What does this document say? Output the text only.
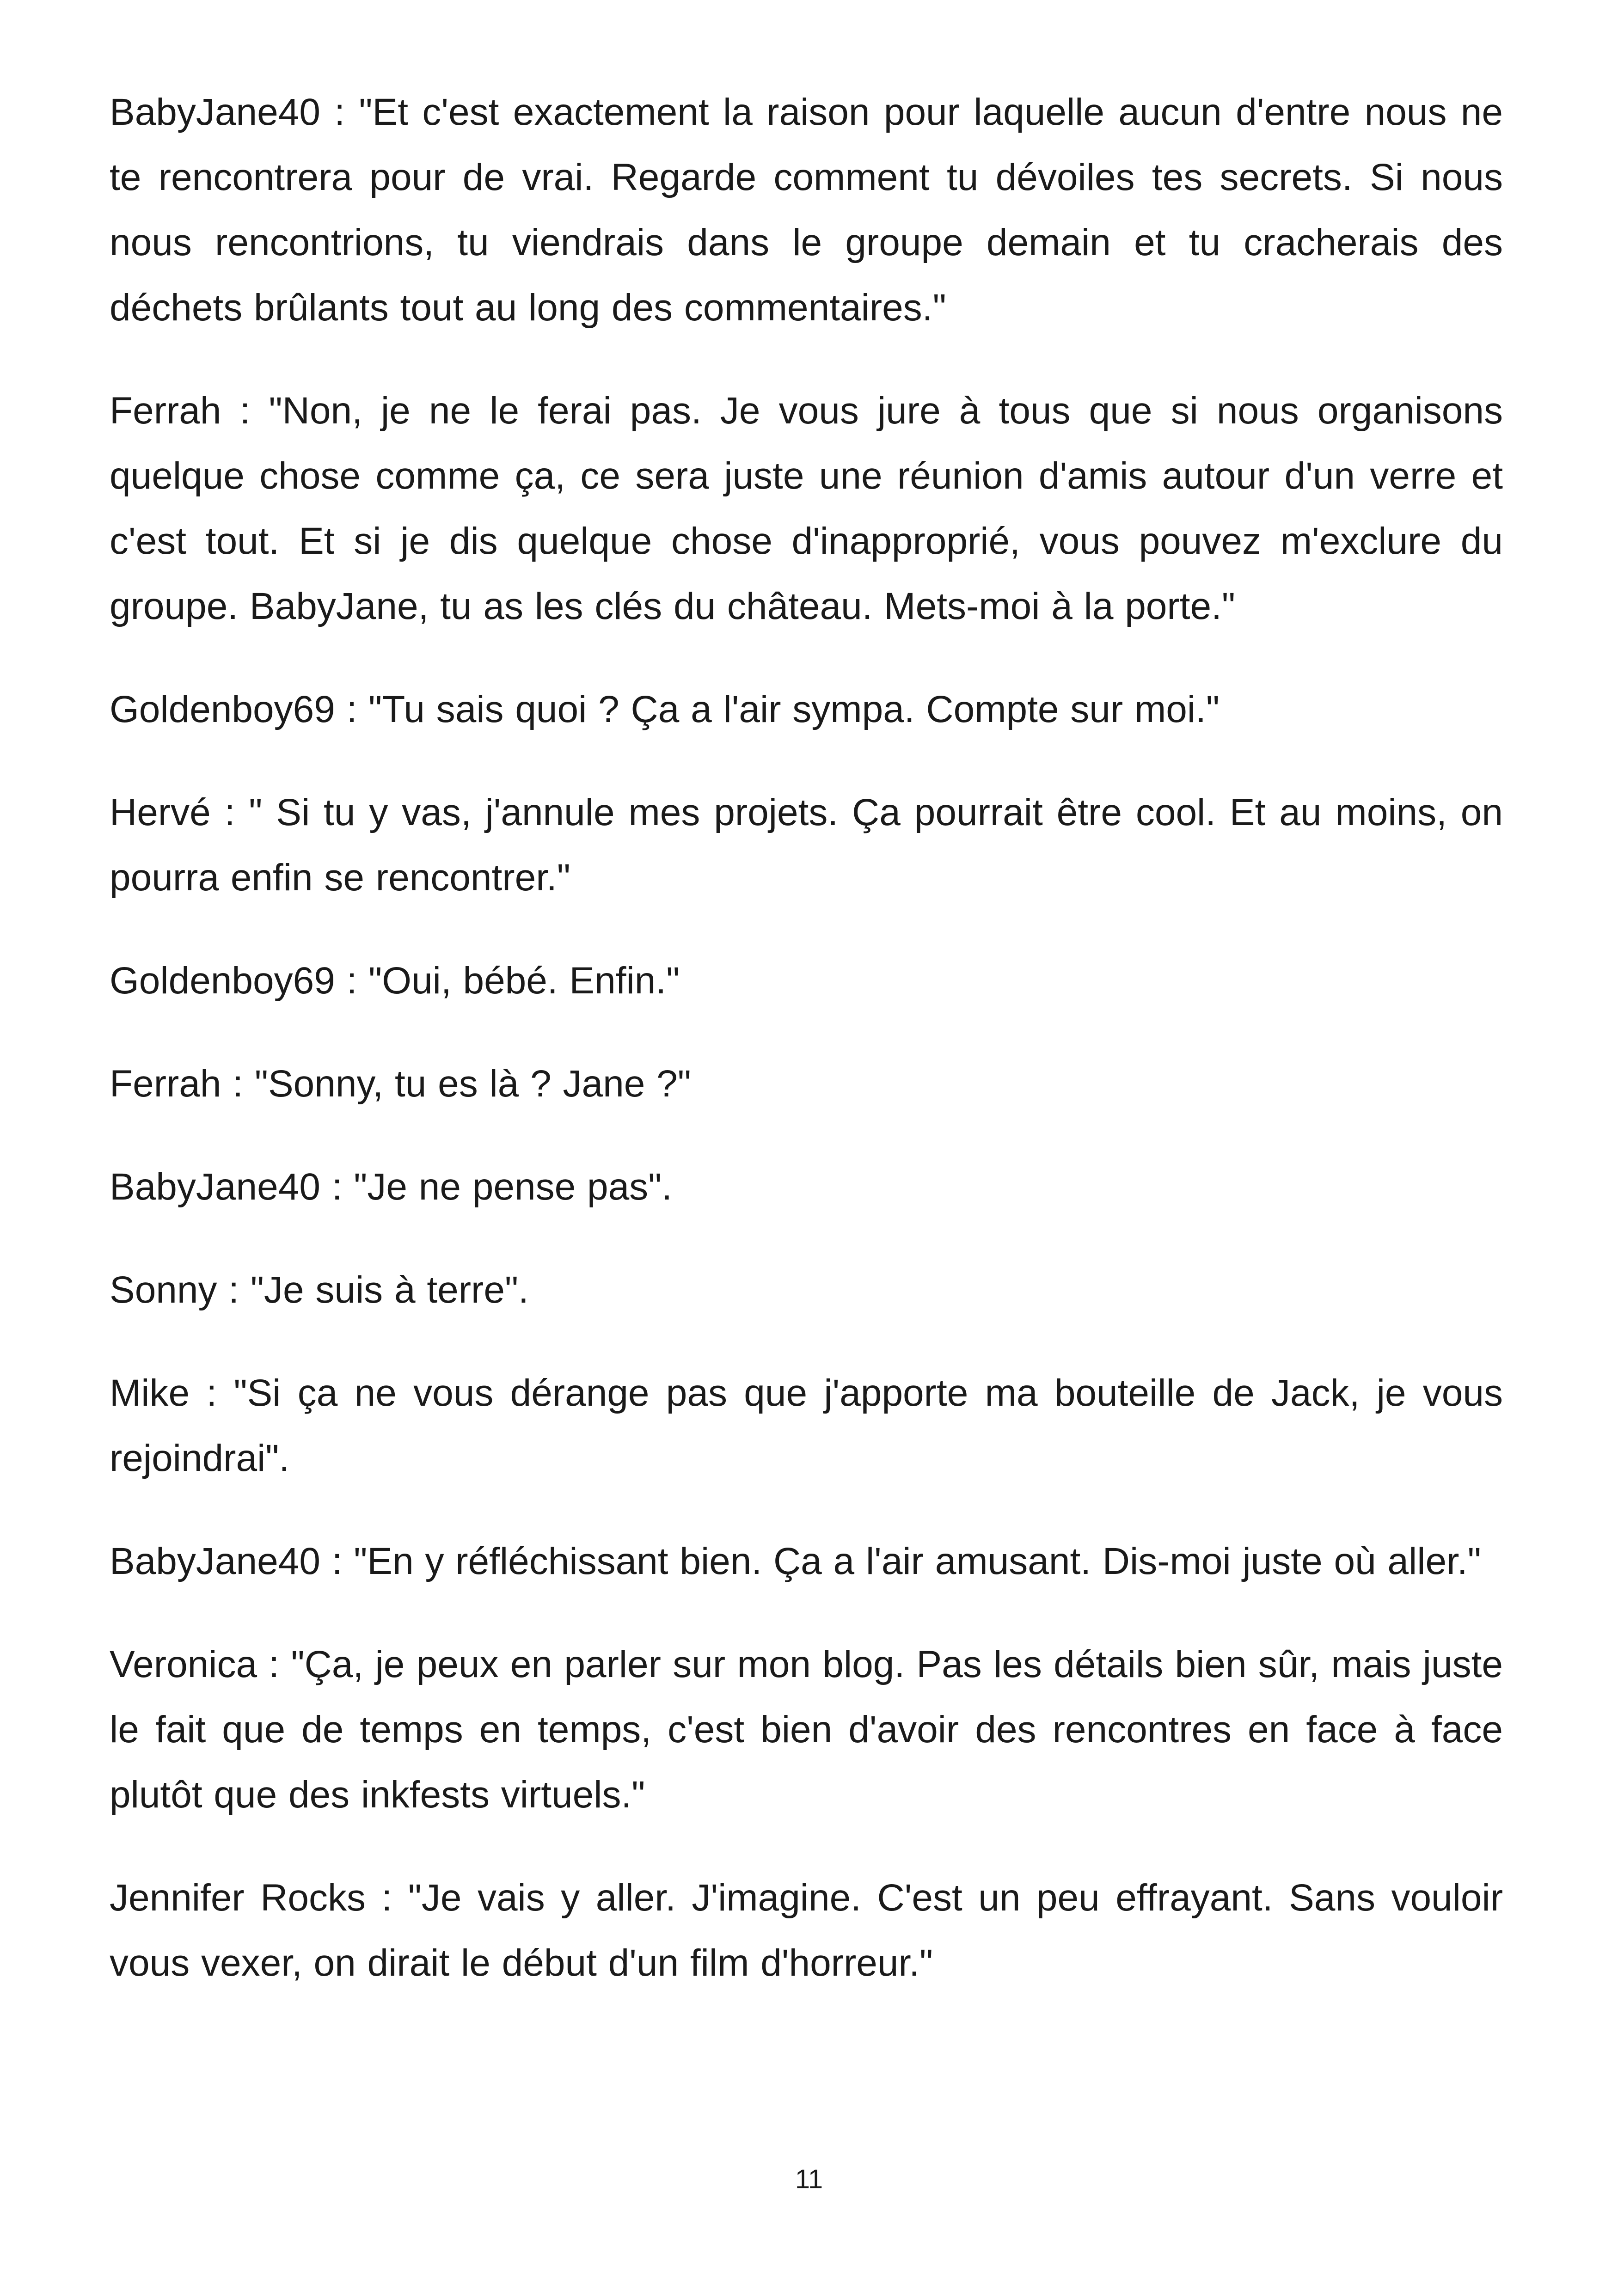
BabyJane40 : "Et c'est exactement la raison pour laquelle aucun d'entre nous ne te rencontrera pour de vrai. Regarde comment tu dévoiles tes secrets. Si nous nous rencontrions, tu viendrais dans le groupe demain et tu cracherais des déchets brûlants tout au long des commentaires."

Ferrah : "Non, je ne le ferai pas. Je vous jure à tous que si nous organisons quelque chose comme ça, ce sera juste une réunion d'amis autour d'un verre et c'est tout. Et si je dis quelque chose d'inapproprié, vous pouvez m'exclure du groupe. BabyJane, tu as les clés du château. Mets-moi à la porte."

Goldenboy69 : "Tu sais quoi ? Ça a l'air sympa. Compte sur moi."

Hervé : " Si tu y vas, j'annule mes projets. Ça pourrait être cool. Et au moins, on pourra enfin se rencontrer."

Goldenboy69 : "Oui, bébé. Enfin."

Ferrah : "Sonny, tu es là ? Jane ?"

BabyJane40 : "Je ne pense pas".

Sonny : "Je suis à terre".

Mike : "Si ça ne vous dérange pas que j'apporte ma bouteille de Jack, je vous rejoindrai".

BabyJane40 : "En y réfléchissant bien. Ça a l'air amusant. Dis-moi juste où aller."

Veronica : "Ça, je peux en parler sur mon blog. Pas les détails bien sûr, mais juste le fait que de temps en temps, c'est bien d'avoir des rencontres en face à face plutôt que des inkfests virtuels."

Jennifer Rocks : "Je vais y aller. J'imagine. C'est un peu effrayant. Sans vouloir vous vexer, on dirait le début d'un film d'horreur."

11
